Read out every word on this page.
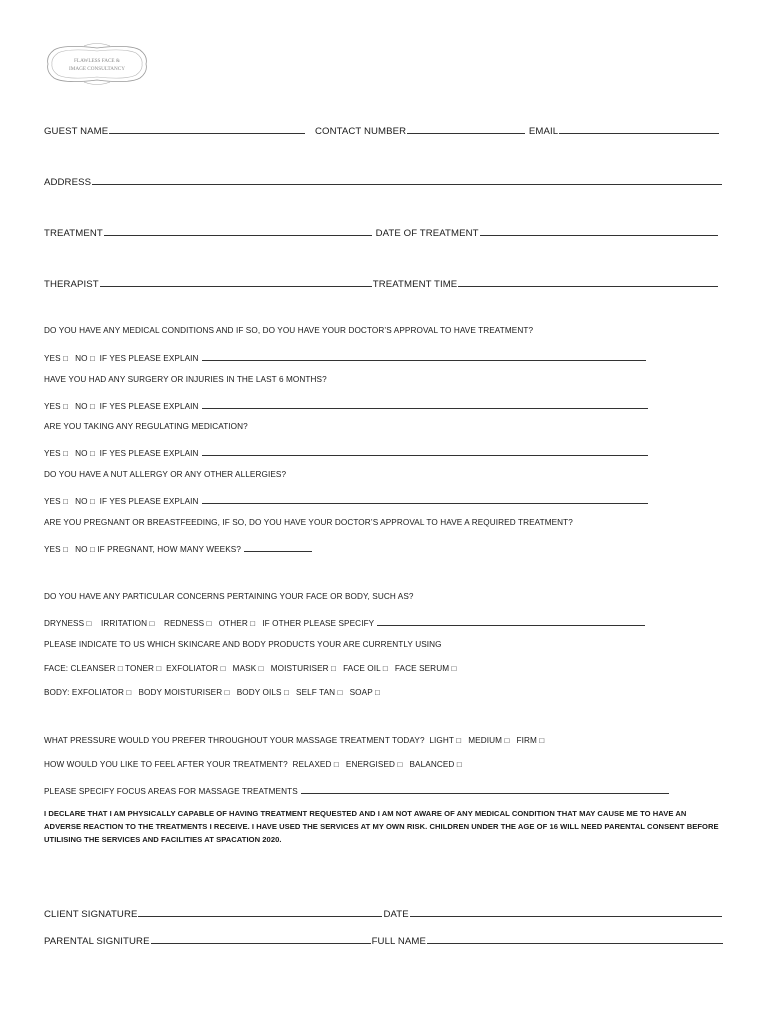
FLAWLESS FACE &
IMAGE CONSULTANCY
GUEST NAME	CONTACT NUMBER	EMAIL
ADDRESS
TREATMENT	DATE OF TREATMENT
THERAPIST	TREATMENT TIME
DO YOU HAVE ANY MEDICAL CONDITIONS AND IF SO, DO YOU HAVE YOUR DOCTOR’S APPROVAL TO HAVE TREATMENT?
YES □ NO □ IF YES PLEASE EXPLAIN
HAVE YOU HAD ANY SURGERY OR INJURIES IN THE LAST 6 MONTHS?
YES □ NO □ IF YES PLEASE EXPLAIN
ARE YOU TAKING ANY REGULATING MEDICATION?
YES □ NO □ IF YES PLEASE EXPLAIN
DO YOU HAVE A NUT ALLERGY OR ANY OTHER ALLERGIES?
YES □ NO □ IF YES PLEASE EXPLAIN
ARE YOU PREGNANT OR BREASTFEEDING, IF SO, DO YOU HAVE YOUR DOCTOR’S APPROVAL TO HAVE A REQUIRED TREATMENT?
YES □ NO □ IF PREGNANT, HOW MANY WEEKS?
DO YOU HAVE ANY PARTICULAR CONCERNS PERTAINING YOUR FACE OR BODY, SUCH AS?
DRYNESS □ IRRITATION □ REDNESS □ OTHER □ IF OTHER PLEASE SPECIFY
PLEASE INDICATE TO US WHICH SKINCARE AND BODY PRODUCTS YOUR ARE CURRENTLY USING
FACE: CLEANSER □ TONER □ EXFOLIATOR □ MASK □ MOISTURISER □ FACE OIL □ FACE SERUM □
BODY: EXFOLIATOR □ BODY MOISTURISER □ BODY OILS □ SELF TAN □ SOAP □
WHAT PRESSURE WOULD YOU PREFER THROUGHOUT YOUR MASSAGE TREATMENT TODAY? LIGHT □ MEDIUM □ FIRM □
HOW WOULD YOU LIKE TO FEEL AFTER YOUR TREATMENT? RELAXED □ ENERGISED □ BALANCED □
PLEASE SPECIFY FOCUS AREAS FOR MASSAGE TREATMENTS
I DECLARE THAT I AM PHYSICALLY CAPABLE OF HAVING TREATMENT REQUESTED AND I AM NOT AWARE OF ANY MEDICAL CONDITION THAT MAY CAUSE ME TO HAVE AN ADVERSE REACTION TO THE TREATMENTS I RECEIVE. I HAVE USED THE SERVICES AT MY OWN RISK. CHILDREN UNDER THE AGE OF 16 WILL NEED PARENTAL CONSENT BEFORE UTILISING THE SERVICES AND FACILITIES AT SPACATION 2020.
CLIENT SIGNATURE	DATE
PARENTAL SIGNITURE	FULL NAME
